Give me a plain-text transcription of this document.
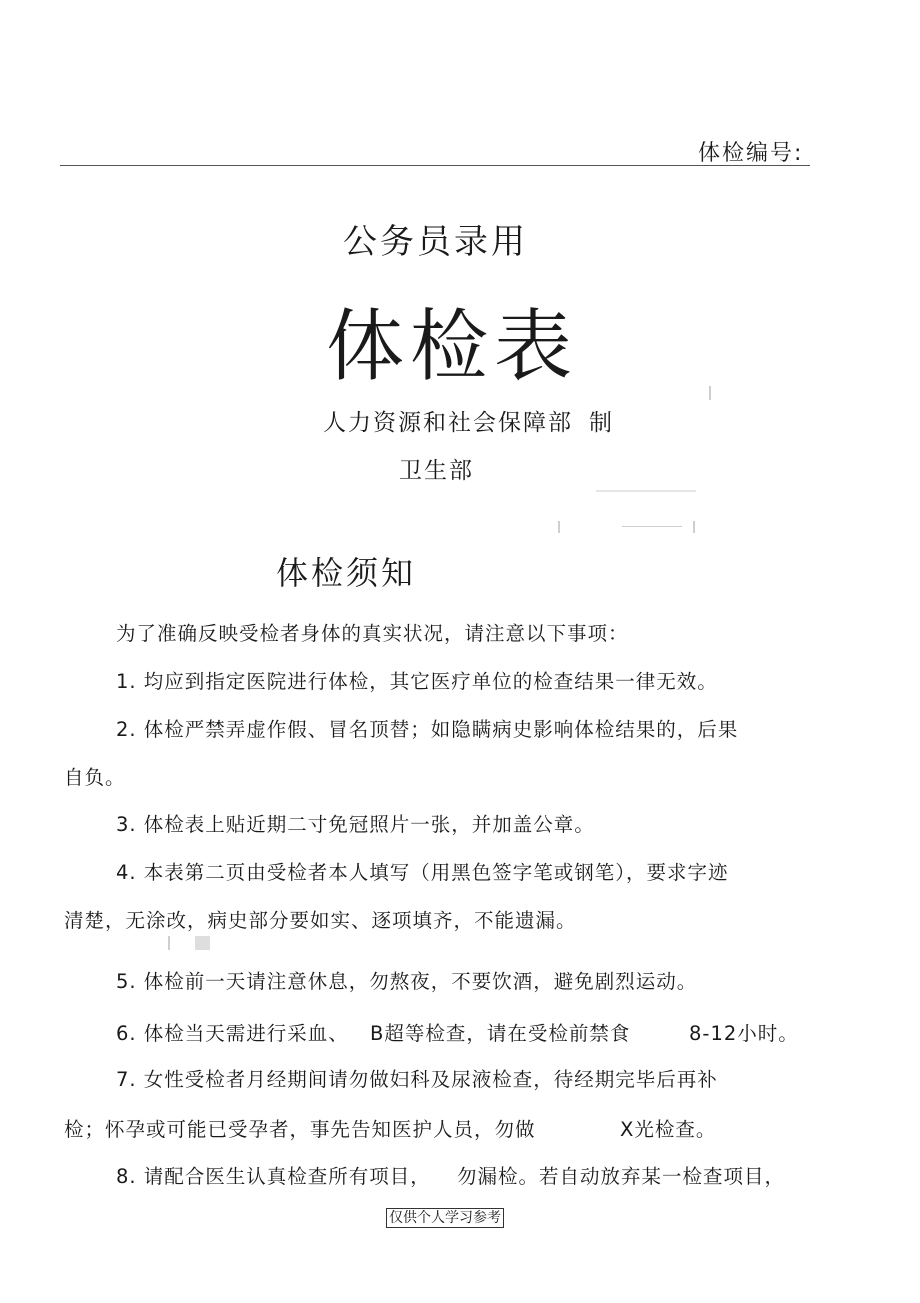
体检编号:
公务员录用
体检表
人力资源和社会保障部 制
卫生部
体检须知
为了准确反映受检者身体的真实状况，请注意以下事项：
1. 均应到指定医院进行体检，其它医疗单位的检查结果一律无效。
2. 体检严禁弄虚作假、冒名顶替；如隐瞒病史影响体检结果的，后果
自负。
3. 体检表上贴近期二寸免冠照片一张，并加盖公章。
4. 本表第二页由受检者本人填写（用黑色签字笔或钢笔），要求字迹
清楚，无涂改，病史部分要如实、逐项填齐，不能遗漏。
5. 体检前一天请注意休息，勿熬夜，不要饮酒，避免剧烈运动。
6. 体检当天需进行采血、 B超等检查，请在受检前禁食	8-12小时。
7. 女性受检者月经期间请勿做妇科及尿液检查，待经期完毕后再补
检；怀孕或可能已受孕者，事先告知医护人员，勿做	X光检查。
8. 请配合医生认真检查所有项目， 勿漏检。若自动放弃某一检查项目，
仅供个人学习参考
